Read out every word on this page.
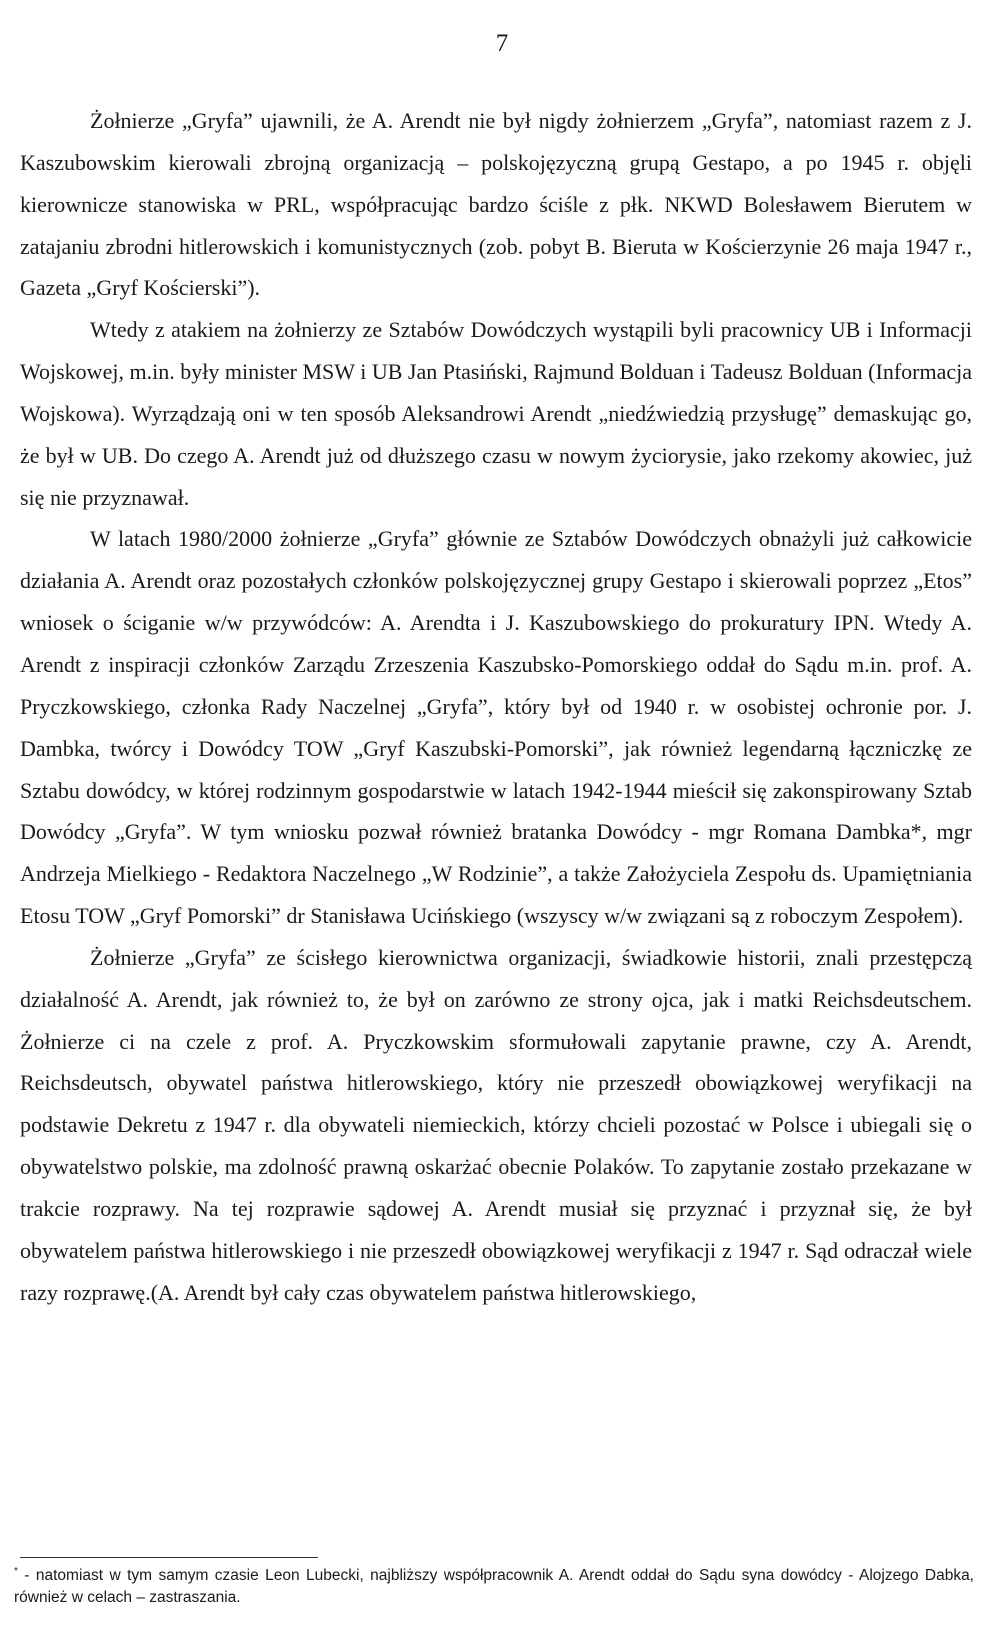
7

Żołnierze „Gryfa” ujawnili, że A. Arendt nie był nigdy żołnierzem „Gryfa”, natomiast razem z J. Kaszubowskim kierowali zbrojną organizacją – polskojęzyczną grupą Gestapo, a po 1945 r. objęli kierownicze stanowiska w PRL, współpracując bardzo ściśle z płk. NKWD Bolesławem Bierutem w zatajaniu zbrodni hitlerowskich i komunistycznych (zob. pobyt B. Bieruta w Kościerzynie 26 maja 1947 r., Gazeta „Gryf Kościerski”).

Wtedy z atakiem na żołnierzy ze Sztabów Dowódczych wystąpili byli pracownicy UB i Informacji Wojskowej, m.in. były minister MSW i UB Jan Ptasiński, Rajmund Bolduan i Tadeusz Bolduan (Informacja Wojskowa). Wyrządzają oni w ten sposób Aleksandrowi Arendt „niedźwiedzią przysługę” demaskując go, że był w UB. Do czego A. Arendt już od dłuższego czasu w nowym życiorysie, jako rzekomy akowiec, już się nie przyznawał.

W latach 1980/2000 żołnierze „Gryfa” głównie ze Sztabów Dowódczych obnażyli już całkowicie działania A. Arendt oraz pozostałych członków polskojęzycznej grupy Gestapo i skierowali poprzez „Etos” wniosek o ściganie w/w przywódców: A. Arendta i J. Kaszubowskiego do prokuratury IPN. Wtedy A. Arendt z inspiracji członków Zarządu Zrzeszenia Kaszubsko-Pomorskiego oddał do Sądu m.in. prof. A. Pryczkowskiego, członka Rady Naczelnej „Gryfa”, który był od 1940 r. w osobistej ochronie por. J. Dambka, twórcy i Dowódcy TOW „Gryf Kaszubski-Pomorski”, jak również legendarną łączniczkę ze Sztabu dowódcy, w której rodzinnym gospodarstwie w latach 1942-1944 mieścił się zakonspirowany Sztab Dowódcy „Gryfa”. W tym wniosku pozwał również bratanka Dowódcy - mgr Romana Dambka*, mgr Andrzeja Mielkiego - Redaktora Naczelnego „W Rodzinie”, a także Założyciela Zespołu ds. Upamiętniania Etosu TOW „Gryf Pomorski” dr Stanisława Ucińskiego (wszyscy w/w związani są z roboczym Zespołem).

Żołnierze „Gryfa” ze ścisłego kierownictwa organizacji, świadkowie historii, znali przestępczą działalność A. Arendt, jak również to, że był on zarówno ze strony ojca, jak i matki Reichsdeutschem. Żołnierze ci na czele z prof. A. Pryczkowskim sformułowali zapytanie prawne, czy A. Arendt, Reichsdeutsch, obywatel państwa hitlerowskiego, który nie przeszedł obowiązkowej weryfikacji na podstawie Dekretu z 1947 r. dla obywateli niemieckich, którzy chcieli pozostać w Polsce i ubiegali się o obywatelstwo polskie, ma zdolność prawną oskarżać obecnie Polaków. To zapytanie zostało przekazane w trakcie rozprawy. Na tej rozprawie sądowej A. Arendt musiał się przyznać i przyznał się, że był obywatelem państwa hitlerowskiego i nie przeszedł obowiązkowej weryfikacji z 1947 r. Sąd odraczał wiele razy rozprawę.(A. Arendt był cały czas obywatelem państwa hitlerowskiego,

* - natomiast w tym samym czasie Leon Lubecki, najbliższy współpracownik A. Arendt oddał do Sądu syna dowódcy - Alojzego Dabka, również w celach – zastraszania.
